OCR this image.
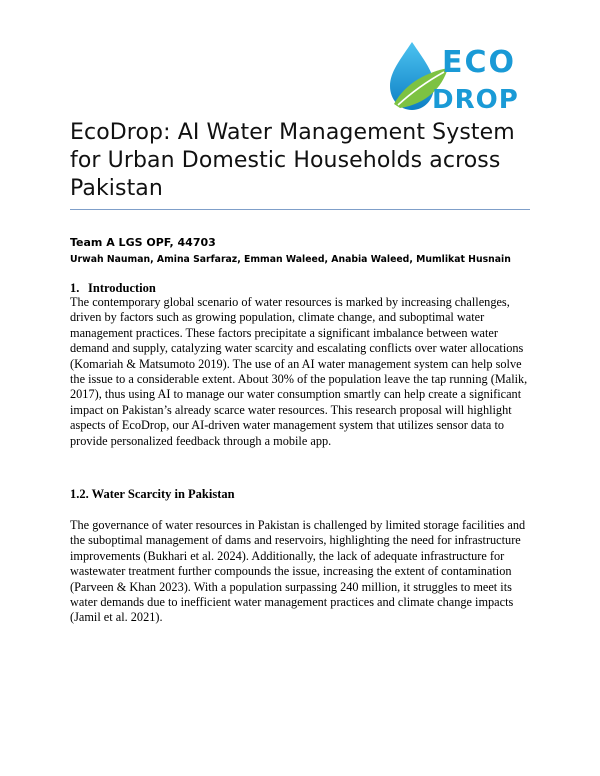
ECO
DROP
EcoDrop: AI Water Management System for Urban Domestic Households across Pakistan
Team A LGS OPF, 44703
Urwah Nauman, Amina Sarfaraz, Emman Waleed, Anabia Waleed, Mumlikat Husnain
1. Introduction

The contemporary global scenario of water resources is marked by increasing challenges, driven by factors such as growing population, climate change, and suboptimal water management practices. These factors precipitate a significant imbalance between water demand and supply, catalyzing water scarcity and escalating conflicts over water allocations (Komariah & Matsumoto 2019). The use of an AI water management system can help solve the issue to a considerable extent. About 30% of the population leave the tap running (Malik, 2017), thus using AI to manage our water consumption smartly can help create a significant impact on Pakistan’s already scarce water resources. This research proposal will highlight aspects of EcoDrop, our AI-driven water management system that utilizes sensor data to provide personalized feedback through a mobile app.

1.2. Water Scarcity in Pakistan

The governance of water resources in Pakistan is challenged by limited storage facilities and the suboptimal management of dams and reservoirs, highlighting the need for infrastructure improvements (Bukhari et al. 2024). Additionally, the lack of adequate infrastructure for wastewater treatment further compounds the issue, increasing the extent of contamination (Parveen & Khan 2023). With a population surpassing 240 million, it struggles to meet its water demands due to inefficient water management practices and climate change impacts (Jamil et al. 2021).
